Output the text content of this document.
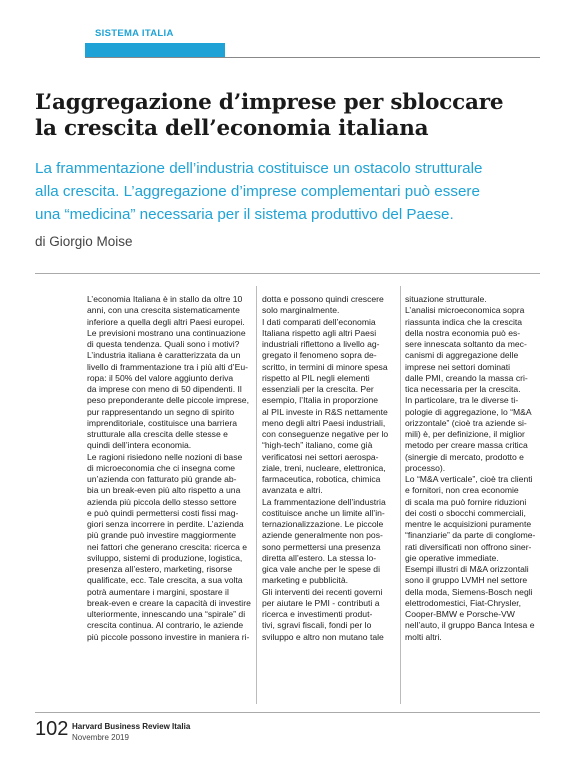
SISTEMA ITALIA
L’aggregazione d’imprese per sbloccare
la crescita dell’economia italiana

La frammentazione dell’industria costituisce un ostacolo strutturale
alla crescita. L’aggregazione d’imprese complementari può essere
una “medicina” necessaria per il sistema produttivo del Paese.

di Giorgio Moise
L’economia Italiana è in stallo da oltre 10
anni, con una crescita sistematicamente
inferiore a quella degli altri Paesi europei.
Le previsioni mostrano una continuazione
di questa tendenza. Quali sono i motivi?
L’industria italiana è caratterizzata da un
livello di frammentazione tra i più alti d’Eu-
ropa: il 50% del valore aggiunto deriva
da imprese con meno di 50 dipendenti. Il
peso preponderante delle piccole imprese,
pur rappresentando un segno di spirito
imprenditoriale, costituisce una barriera
strutturale alla crescita delle stesse e
quindi dell’intera economia.
Le ragioni risiedono nelle nozioni di base
di microeconomia che ci insegna come
un’azienda con fatturato più grande ab-
bia un break-even più alto rispetto a una
azienda più piccola dello stesso settore
e può quindi permettersi costi fissi mag-
giori senza incorrere in perdite. L’azienda
più grande può investire maggiormente
nei fattori che generano crescita: ricerca e
sviluppo, sistemi di produzione, logistica,
presenza all’estero, marketing, risorse
qualificate, ecc. Tale crescita, a sua volta
potrà aumentare i margini, spostare il
break-even e creare la capacità di investire
ulteriormente, innescando una “spirale” di
crescita continua. Al contrario, le aziende
più piccole possono investire in maniera ri-
dotta e possono quindi crescere
solo marginalmente.
I dati comparati dell’economia
Italiana rispetto agli altri Paesi
industriali riflettono a livello ag-
gregato il fenomeno sopra de-
scritto, in termini di minore spesa
rispetto al PIL negli elementi
essenziali per la crescita. Per
esempio, l’Italia in proporzione
al PIL investe in R&S nettamente
meno degli altri Paesi industriali,
con conseguenze negative per lo
“high-tech” italiano, come già
verificatosi nei settori aerospa-
ziale, treni, nucleare, elettronica,
farmaceutica, robotica, chimica
avanzata e altri.
La frammentazione dell’industria
costituisce anche un limite all’in-
ternazionalizzazione. Le piccole
aziende generalmente non pos-
sono permettersi una presenza
diretta all’estero. La stessa lo-
gica vale anche per le spese di
marketing e pubblicità.
Gli interventi dei recenti governi
per aiutare le PMI - contributi a
ricerca e investimenti produt-
tivi, sgravi fiscali, fondi per lo
sviluppo e altro non mutano tale
situazione strutturale.
L’analisi microeconomica sopra
riassunta indica che la crescita
della nostra economia può es-
sere innescata soltanto da mec-
canismi di aggregazione delle
imprese nei settori dominati
dalle PMI, creando la massa cri-
tica necessaria per la crescita.
In particolare, tra le diverse ti-
pologie di aggregazione, lo “M&A
orizzontale” (cioè tra aziende si-
mili) è, per definizione, il miglior
metodo per creare massa critica
(sinergie di mercato, prodotto e
processo).
Lo “M&A verticale”, cioè tra clienti
e fornitori, non crea economie
di scala ma può fornire riduzioni
dei costi o sbocchi commerciali,
mentre le acquisizioni puramente
“finanziarie” da parte di conglome-
rati diversificati non offrono siner-
gie operative immediate.
Esempi illustri di M&A orizzontali
sono il gruppo LVMH nel settore
della moda, Siemens-Bosch negli
elettrodomestici, Fiat-Chrysler,
Cooper-BMW e Porsche-VW
nell’auto, il gruppo Banca Intesa e
molti altri.
102 Harvard Business Review Italia
Novembre 2019
